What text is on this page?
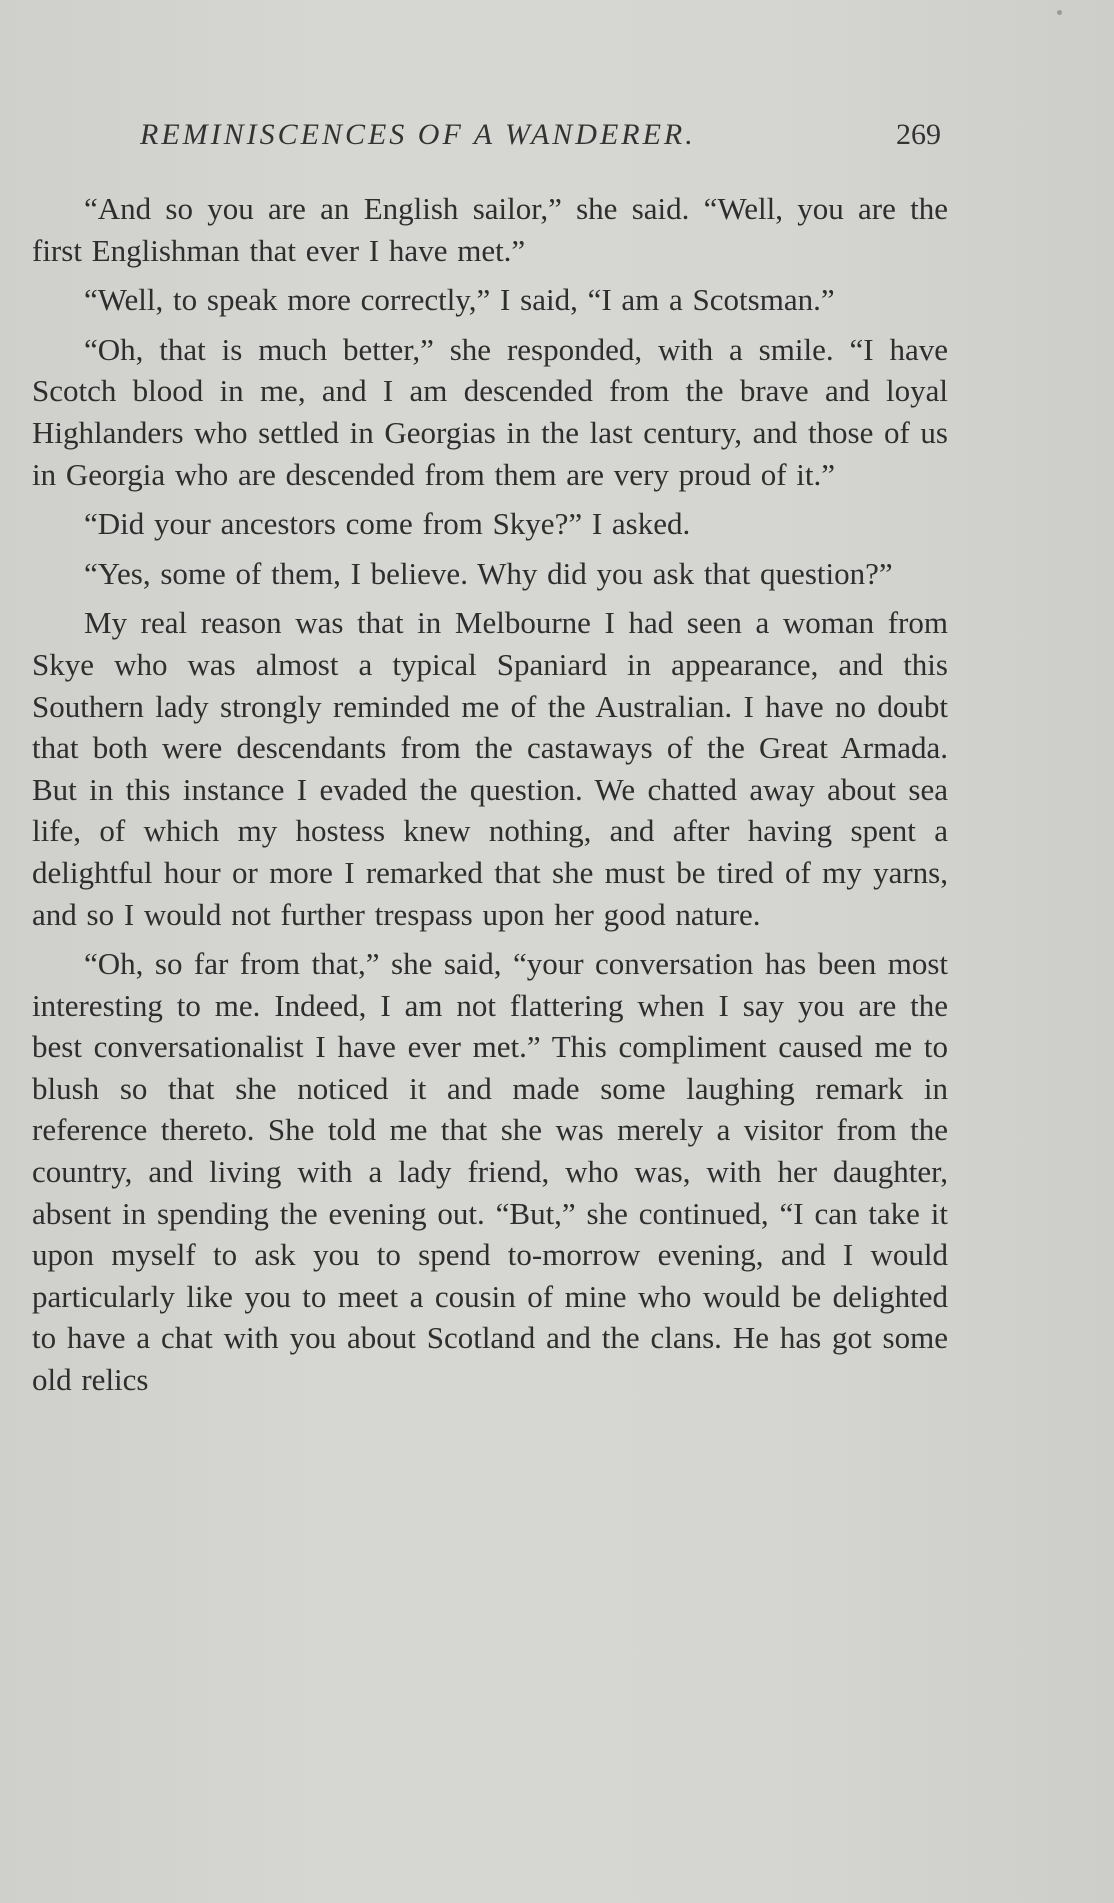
REMINISCENCES OF A WANDERER.	269

“And so you are an English sailor,” she said. “Well, you are the first Englishman that ever I have met.”

“Well, to speak more correctly,” I said, “I am a Scotsman.”

“Oh, that is much better,” she responded, with a smile. “I have Scotch blood in me, and I am descended from the brave and loyal Highlanders who settled in Georgias in the last century, and those of us in Georgia who are descended from them are very proud of it.”

“Did your ancestors come from Skye?” I asked.

“Yes, some of them, I believe. Why did you ask that question?”

My real reason was that in Melbourne I had seen a woman from Skye who was almost a typical Spaniard in appearance, and this Southern lady strongly reminded me of the Australian. I have no doubt that both were descendants from the castaways of the Great Armada. But in this instance I evaded the question. We chatted away about sea life, of which my hostess knew nothing, and after having spent a delightful hour or more I remarked that she must be tired of my yarns, and so I would not further trespass upon her good nature.

“Oh, so far from that,” she said, “your conversation has been most interesting to me. Indeed, I am not flattering when I say you are the best conversationalist I have ever met.” This compliment caused me to blush so that she noticed it and made some laughing remark in reference thereto. She told me that she was merely a visitor from the country, and living with a lady friend, who was, with her daughter, absent in spending the evening out. “But,” she continued, “I can take it upon myself to ask you to spend to-morrow evening, and I would particularly like you to meet a cousin of mine who would be delighted to have a chat with you about Scotland and the clans. He has got some old relics
